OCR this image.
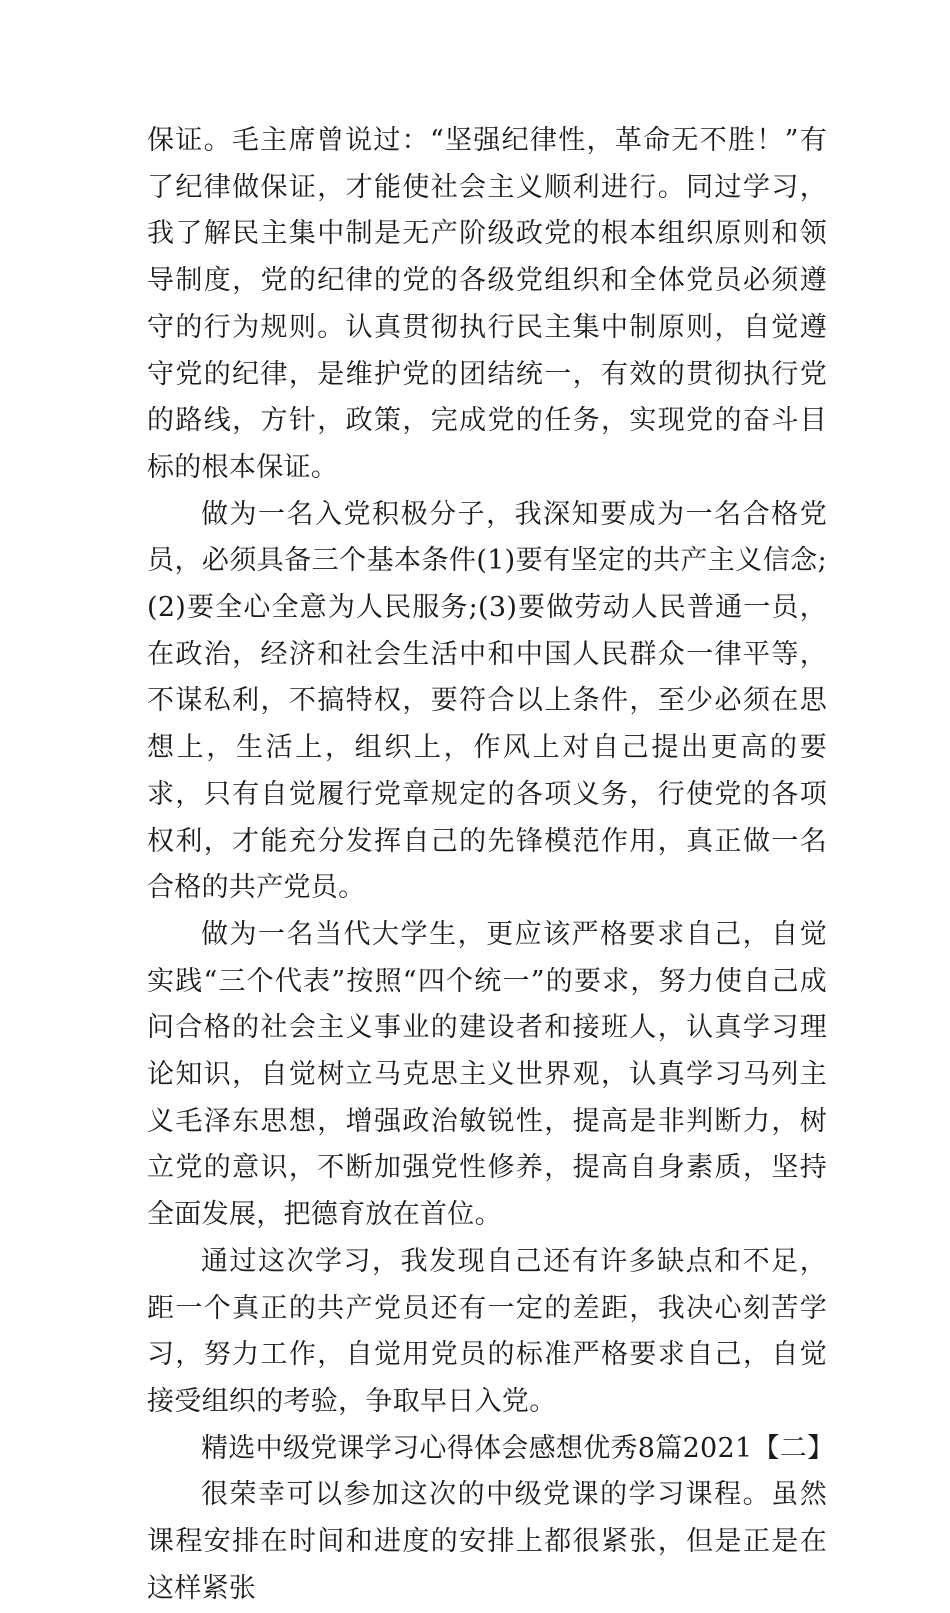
保证。毛主席曾说过：“坚强纪律性，革命无不胜！”有了纪律做保证，才能使社会主义顺利进行。同过学习，我了解民主集中制是无产阶级政党的根本组织原则和领导制度，党的纪律的党的各级党组织和全体党员必须遵守的行为规则。认真贯彻执行民主集中制原则，自觉遵守党的纪律，是维护党的团结统一，有效的贯彻执行党的路线，方针，政策，完成党的任务，实现党的奋斗目标的根本保证。

做为一名入党积极分子，我深知要成为一名合格党员，必须具备三个基本条件(1)要有坚定的共产主义信念;(2)要全心全意为人民服务;(3)要做劳动人民普通一员，在政治，经济和社会生活中和中国人民群众一律平等，不谋私利，不搞特权，要符合以上条件，至少必须在思想上，生活上，组织上，作风上对自己提出更高的要求，只有自觉履行党章规定的各项义务，行使党的各项权利，才能充分发挥自己的先锋模范作用，真正做一名合格的共产党员。

做为一名当代大学生，更应该严格要求自己，自觉实践“三个代表”按照“四个统一”的要求，努力使自己成问合格的社会主义事业的建设者和接班人，认真学习理论知识，自觉树立马克思主义世界观，认真学习马列主义毛泽东思想，增强政治敏锐性，提高是非判断力，树立党的意识，不断加强党性修养，提高自身素质，坚持全面发展，把德育放在首位。

通过这次学习，我发现自己还有许多缺点和不足，距一个真正的共产党员还有一定的差距，我决心刻苦学习，努力工作，自觉用党员的标准严格要求自己，自觉接受组织的考验，争取早日入党。

精选中级党课学习心得体会感想优秀8篇2021【二】

很荣幸可以参加这次的中级党课的学习课程。虽然课程安排在时间和进度的安排上都很紧张，但是正是在这样紧张
